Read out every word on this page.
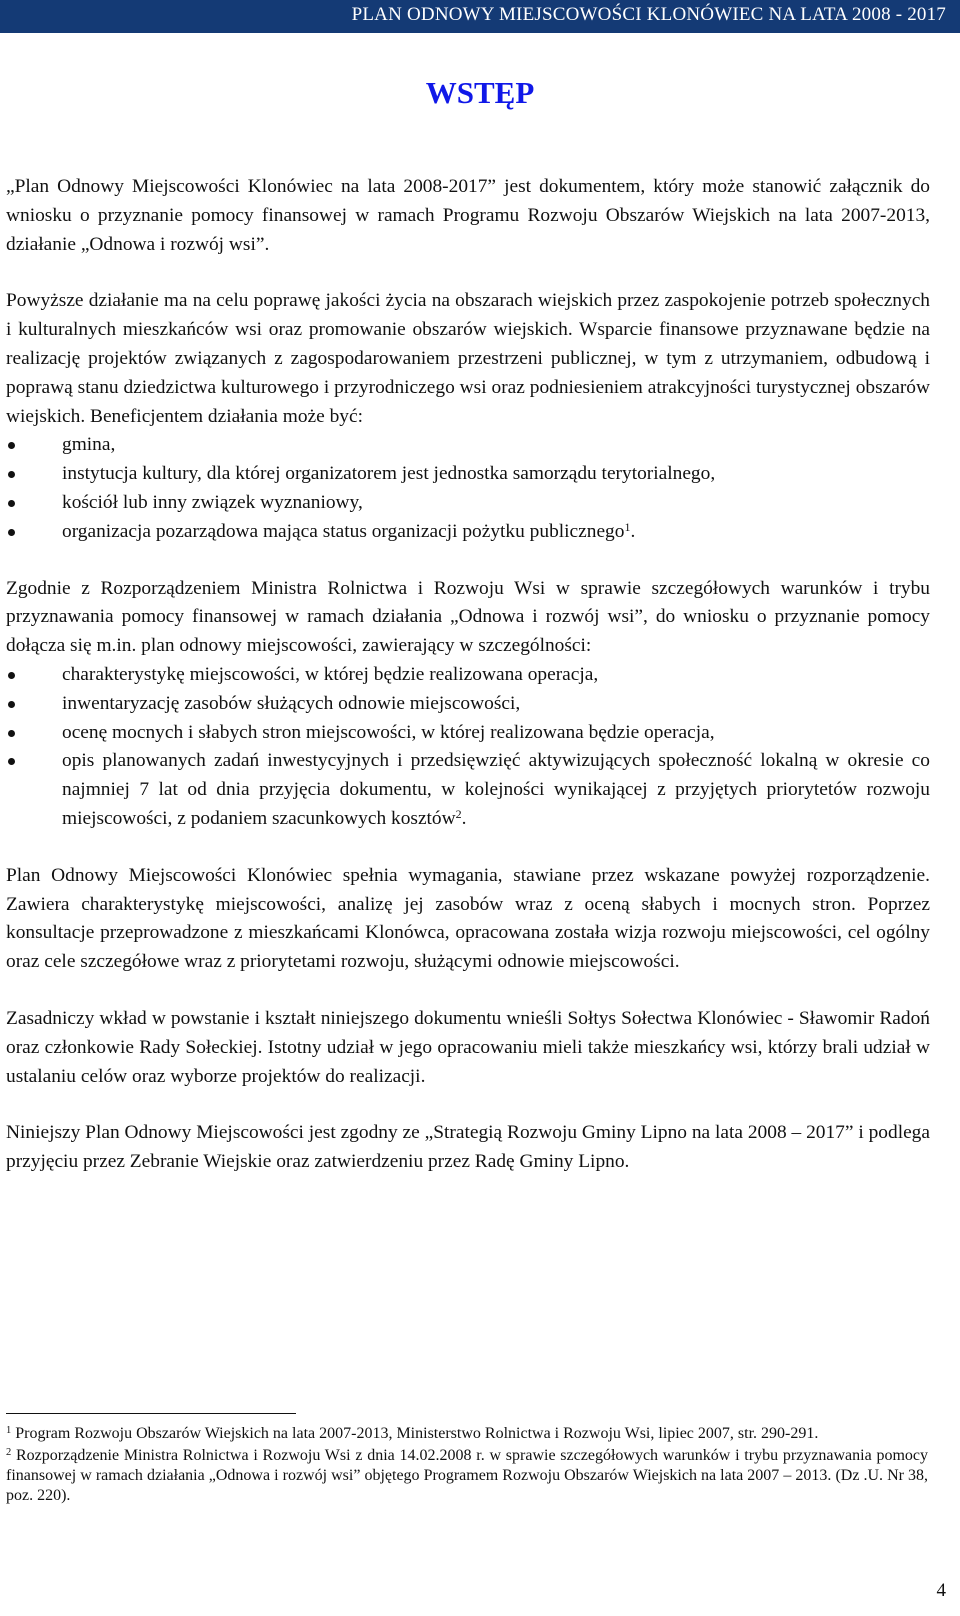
PLAN ODNOWY MIEJSCOWOŚCI KLONÓWIEC NA LATA 2008 - 2017
WSTĘP

„Plan Odnowy Miejscowości Klonówiec na lata 2008-2017” jest dokumentem, który może stanowić załącznik do wniosku o przyznanie pomocy finansowej w ramach Programu Rozwoju Obszarów Wiejskich na lata 2007-2013, działanie „Odnowa i rozwój wsi”.

Powyższe działanie ma na celu poprawę jakości życia na obszarach wiejskich przez zaspokojenie potrzeb społecznych i kulturalnych mieszkańców wsi oraz promowanie obszarów wiejskich. Wsparcie finansowe przyznawane będzie na realizację projektów związanych z zagospodarowaniem przestrzeni publicznej, w tym z utrzymaniem, odbudową i poprawą stanu dziedzictwa kulturowego i przyrodniczego wsi oraz podniesieniem atrakcyjności turystycznej obszarów wiejskich. Beneficjentem działania może być:

gmina,
instytucja kultury, dla której organizatorem jest jednostka samorządu terytorialnego,
kościół lub inny związek wyznaniowy,
organizacja pozarządowa mająca status organizacji pożytku publicznego$^1$.

Zgodnie z Rozporządzeniem Ministra Rolnictwa i Rozwoju Wsi w sprawie szczegółowych warunków i trybu przyznawania pomocy finansowej w ramach działania „Odnowa i rozwój wsi”, do wniosku o przyznanie pomocy dołącza się m.in. plan odnowy miejscowości, zawierający w szczególności:

charakterystykę miejscowości, w której będzie realizowana operacja,
inwentaryzację zasobów służących odnowie miejscowości,
ocenę mocnych i słabych stron miejscowości, w której realizowana będzie operacja,
opis planowanych zadań inwestycyjnych i przedsięwzięć aktywizujących społeczność lokalną w okresie co najmniej 7 lat od dnia przyjęcia dokumentu, w kolejności wynikającej z przyjętych priorytetów rozwoju miejscowości, z podaniem szacunkowych kosztów$^2$.

Plan Odnowy Miejscowości Klonówiec spełnia wymagania, stawiane przez wskazane powyżej rozporządzenie. Zawiera charakterystykę miejscowości, analizę jej zasobów wraz z oceną słabych i mocnych stron. Poprzez konsultacje przeprowadzone z mieszkańcami Klonówca, opracowana została wizja rozwoju miejscowości, cel ogólny oraz cele szczegółowe wraz z priorytetami rozwoju, służącymi odnowie miejscowości.

Zasadniczy wkład w powstanie i kształt niniejszego dokumentu wnieśli Sołtys Sołectwa Klonówiec - Sławomir Radoń oraz członkowie Rady Sołeckiej. Istotny udział w jego opracowaniu mieli także mieszkańcy wsi, którzy brali udział w ustalaniu celów oraz wyborze projektów do realizacji.

Niniejszy Plan Odnowy Miejscowości jest zgodny ze „Strategią Rozwoju Gminy Lipno na lata 2008 – 2017” i podlega przyjęciu przez Zebranie Wiejskie oraz zatwierdzeniu przez Radę Gminy Lipno.

$^1$ Program Rozwoju Obszarów Wiejskich na lata 2007-2013, Ministerstwo Rolnictwa i Rozwoju Wsi, lipiec 2007, str. 290-291.

$^2$ Rozporządzenie Ministra Rolnictwa i Rozwoju Wsi z dnia 14.02.2008 r. w sprawie szczegółowych warunków i trybu przyznawania pomocy finansowej w ramach działania „Odnowa i rozwój wsi” objętego Programem Rozwoju Obszarów Wiejskich na lata 2007 – 2013. (Dz .U. Nr 38, poz. 220).

4
